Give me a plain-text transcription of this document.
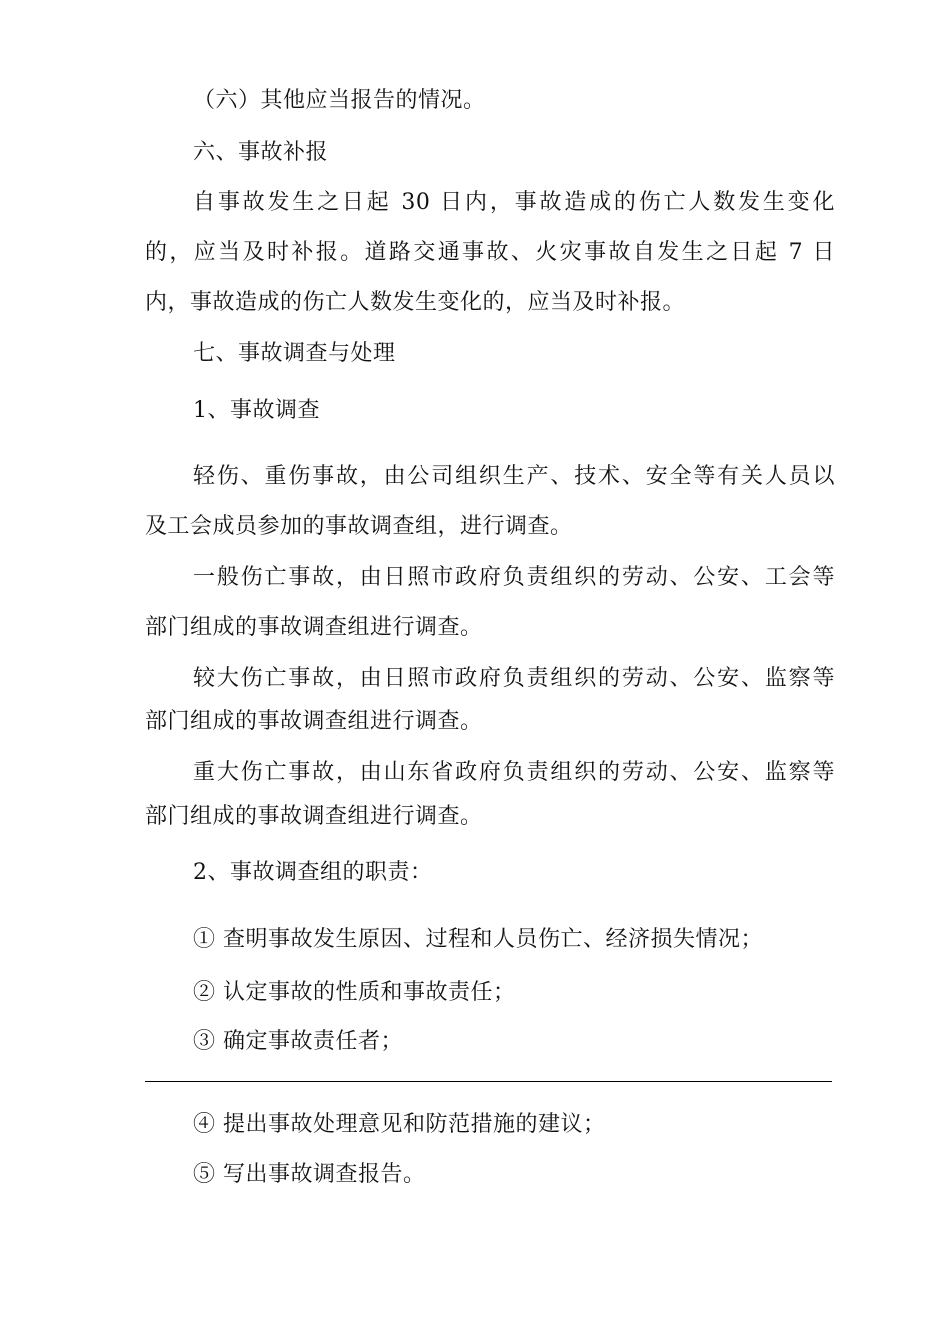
（六）其他应当报告的情况。
六、事故补报
自事故发生之日起 30 日内，事故造成的伤亡人数发生变化
的，应当及时补报。道路交通事故、火灾事故自发生之日起 7 日
内，事故造成的伤亡人数发生变化的，应当及时补报。
七、事故调查与处理
1、事故调查
轻伤、重伤事故，由公司组织生产、技术、安全等有关人员以
及工会成员参加的事故调查组，进行调查。
一般伤亡事故，由日照市政府负责组织的劳动、公安、工会等
部门组成的事故调查组进行调查。
较大伤亡事故，由日照市政府负责组织的劳动、公安、监察等
部门组成的事故调查组进行调查。
重大伤亡事故，由山东省政府负责组织的劳动、公安、监察等
部门组成的事故调查组进行调查。
2、事故调查组的职责：
① 查明事故发生原因、过程和人员伤亡、经济损失情况；
② 认定事故的性质和事故责任；
③ 确定事故责任者；
④ 提出事故处理意见和防范措施的建议；
⑤ 写出事故调查报告。
